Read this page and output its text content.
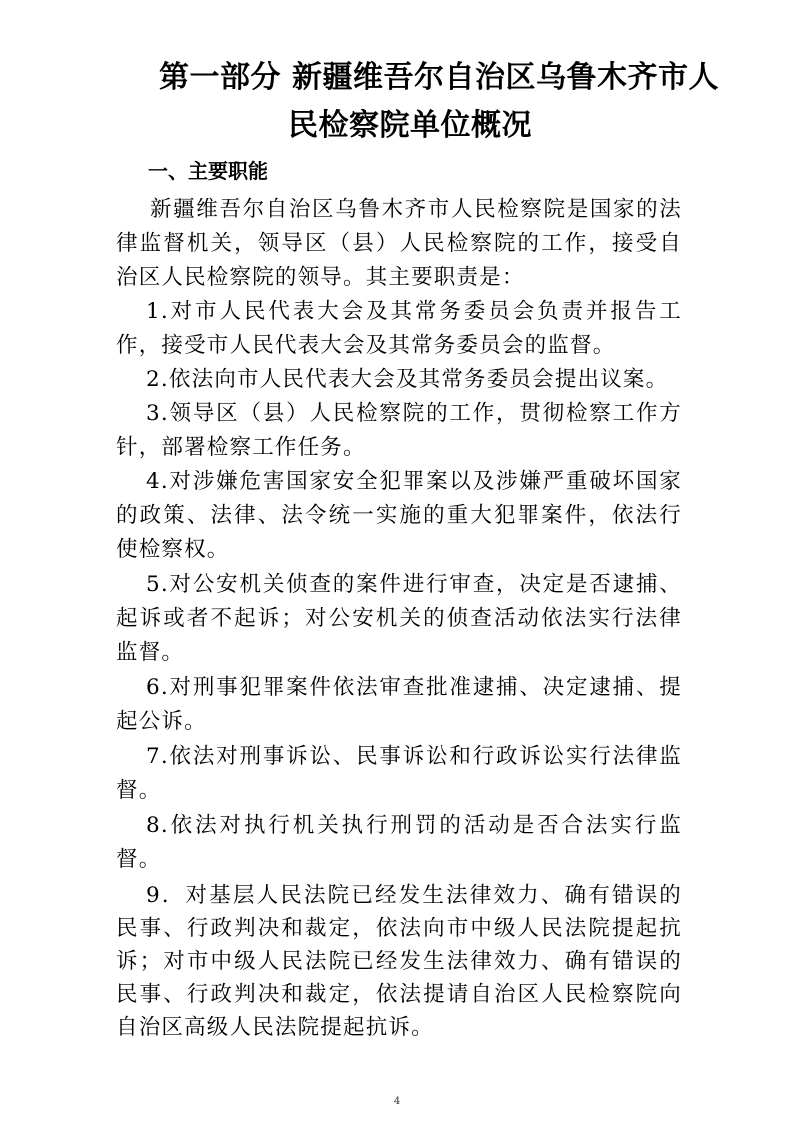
第一部分 新疆维吾尔自治区乌鲁木齐市人
民检察院单位概况
一、主要职能

新疆维吾尔自治区乌鲁木齐市人民检察院是国家的法律监督机关，领导区（县）人民检察院的工作，接受自治区人民检察院的领导。其主要职责是：

1.对市人民代表大会及其常务委员会负责并报告工作，接受市人民代表大会及其常务委员会的监督。

2.依法向市人民代表大会及其常务委员会提出议案。

3.领导区（县）人民检察院的工作，贯彻检察工作方针，部署检察工作任务。

4.对涉嫌危害国家安全犯罪案以及涉嫌严重破坏国家的政策、法律、法令统一实施的重大犯罪案件，依法行使检察权。

5.对公安机关侦查的案件进行审查，决定是否逮捕、起诉或者不起诉；对公安机关的侦查活动依法实行法律监督。

6.对刑事犯罪案件依法审查批准逮捕、决定逮捕、提起公诉。

7.依法对刑事诉讼、民事诉讼和行政诉讼实行法律监督。

8.依法对执行机关执行刑罚的活动是否合法实行监督。

9．对基层人民法院已经发生法律效力、确有错误的民事、行政判决和裁定，依法向市中级人民法院提起抗诉；对市中级人民法院已经发生法律效力、确有错误的民事、行政判决和裁定，依法提请自治区人民检察院向自治区高级人民法院提起抗诉。

4
